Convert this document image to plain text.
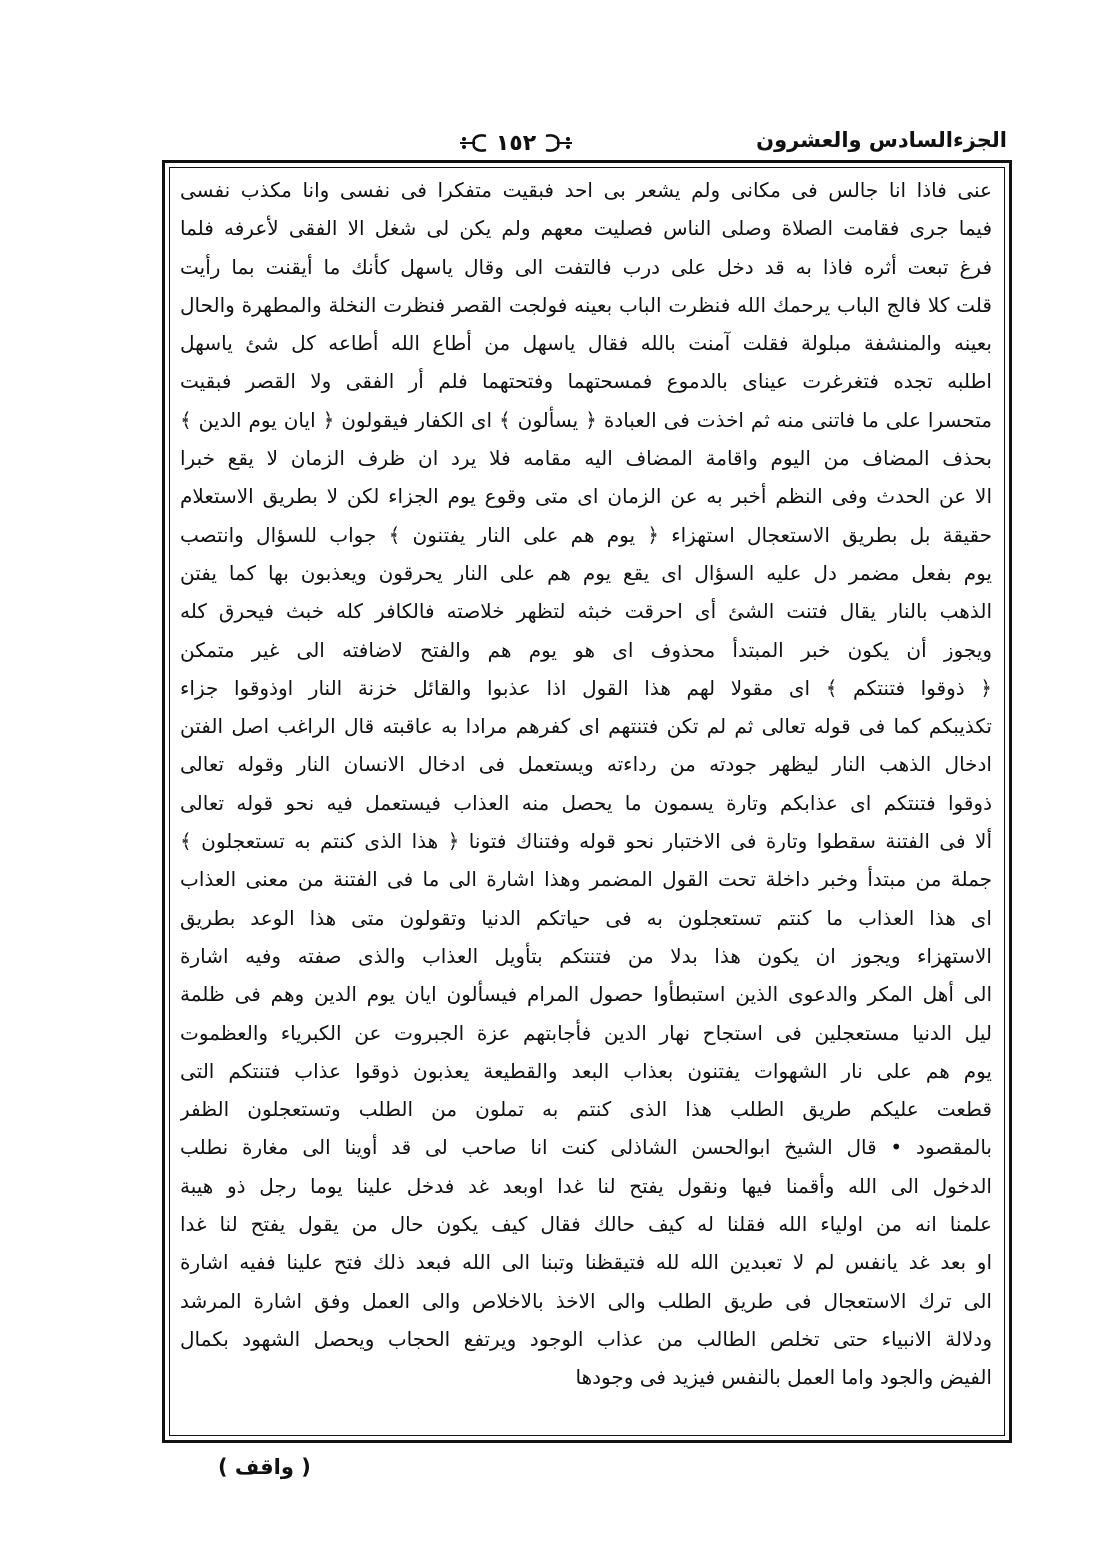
الجزءالسادس والعشرون
١٥٢
عنى فاذا انا جالس فى مكانى ولم يشعر بى احد فبقيت متفكرا فى نفسى وانا مكذب نفسى
فيما جرى فقامت الصلاة وصلى الناس فصليت معهم ولم يكن لى شغل الا الفقى لأعرفه فلما
فرغ تبعت أثره فاذا به قد دخل على درب فالتفت الى وقال ياسهل كأنك ما أيقنت بما رأيت
قلت كلا فالج الباب يرحمك الله فنظرت الباب بعينه فولجت القصر فنظرت النخلة والمطهرة والحال
بعينه والمنشفة مبلولة فقلت آمنت بالله فقال ياسهل من أطاع الله أطاعه كل شئ ياسهل
اطلبه تجده فتغرغرت عيناى بالدموع فمسحتهما وفتحتهما فلم أر الفقى ولا القصر فبقيت
متحسرا على ما فاتنى منه ثم اخذت فى العبادة ﴿ يسألون ﴾ اى الكفار فيقولون ﴿ ايان يوم الدين ﴾
بحذف المضاف من اليوم واقامة المضاف اليه مقامه فلا يرد ان ظرف الزمان لا يقع خبرا
الا عن الحدث وفى النظم أخبر به عن الزمان اى متى وقوع يوم الجزاء لكن لا بطريق الاستعلام
حقيقة بل بطريق الاستعجال استهزاء ﴿ يوم هم على النار يفتنون ﴾ جواب للسؤال وانتصب
يوم بفعل مضمر دل عليه السؤال اى يقع يوم هم على النار يحرقون ويعذبون بها كما يفتن
الذهب بالنار يقال فتنت الشئ أى احرقت خبثه لتظهر خلاصته فالكافر كله خبث فيحرق كله
ويجوز أن يكون خبر المبتدأ محذوف اى هو يوم هم والفتح لاضافته الى غير متمكن
﴿ ذوقوا فتنتكم ﴾ اى مقولا لهم هذا القول اذا عذبوا والقائل خزنة النار اوذوقوا جزاء
تكذيبكم كما فى قوله تعالى ثم لم تكن فتنتهم اى كفرهم مرادا به عاقبته قال الراغب اصل الفتن
ادخال الذهب النار ليظهر جودته من رداءته ويستعمل فى ادخال الانسان النار وقوله تعالى
ذوقوا فتنتكم اى عذابكم وتارة يسمون ما يحصل منه العذاب فيستعمل فيه نحو قوله تعالى
ألا فى الفتنة سقطوا وتارة فى الاختبار نحو قوله وفتناك فتونا ﴿ هذا الذى كنتم به تستعجلون ﴾
جملة من مبتدأ وخبر داخلة تحت القول المضمر وهذا اشارة الى ما فى الفتنة من معنى العذاب
اى هذا العذاب ما كنتم تستعجلون به فى حياتكم الدنيا وتقولون متى هذا الوعد بطريق
الاستهزاء ويجوز ان يكون هذا بدلا من فتنتكم بتأويل العذاب والذى صفته وفيه اشارة
الى أهل المكر والدعوى الذين استبطأوا حصول المرام فيسألون ايان يوم الدين وهم فى ظلمة
ليل الدنيا مستعجلين فى استجاح نهار الدين فأجابتهم عزة الجبروت عن الكبرياء والعظموت
يوم هم على نار الشهوات يفتنون بعذاب البعد والقطيعة يعذبون ذوقوا عذاب فتنتكم التى
قطعت عليكم طريق الطلب هذا الذى كنتم به تملون من الطلب وتستعجلون الظفر
بالمقصود • قال الشيخ ابوالحسن الشاذلى كنت انا صاحب لى قد أوينا الى مغارة نطلب
الدخول الى الله وأقمنا فيها ونقول يفتح لنا غدا اوبعد غد فدخل علينا يوما رجل ذو هيبة
علمنا انه من اولياء الله فقلنا له كيف حالك فقال كيف يكون حال من يقول يفتح لنا غدا
او بعد غد يانفس لم لا تعبدين الله لله فتيقظنا وتبنا الى الله فبعد ذلك فتح علينا ففيه اشارة
الى ترك الاستعجال فى طريق الطلب والى الاخذ بالاخلاص والى العمل وفق اشارة المرشد
ودلالة الانبياء حتى تخلص الطالب من عذاب الوجود ويرتفع الحجاب ويحصل الشهود بكمال
الفيض والجود واما العمل بالنفس فيزيد فى وجودها
( واقف )
